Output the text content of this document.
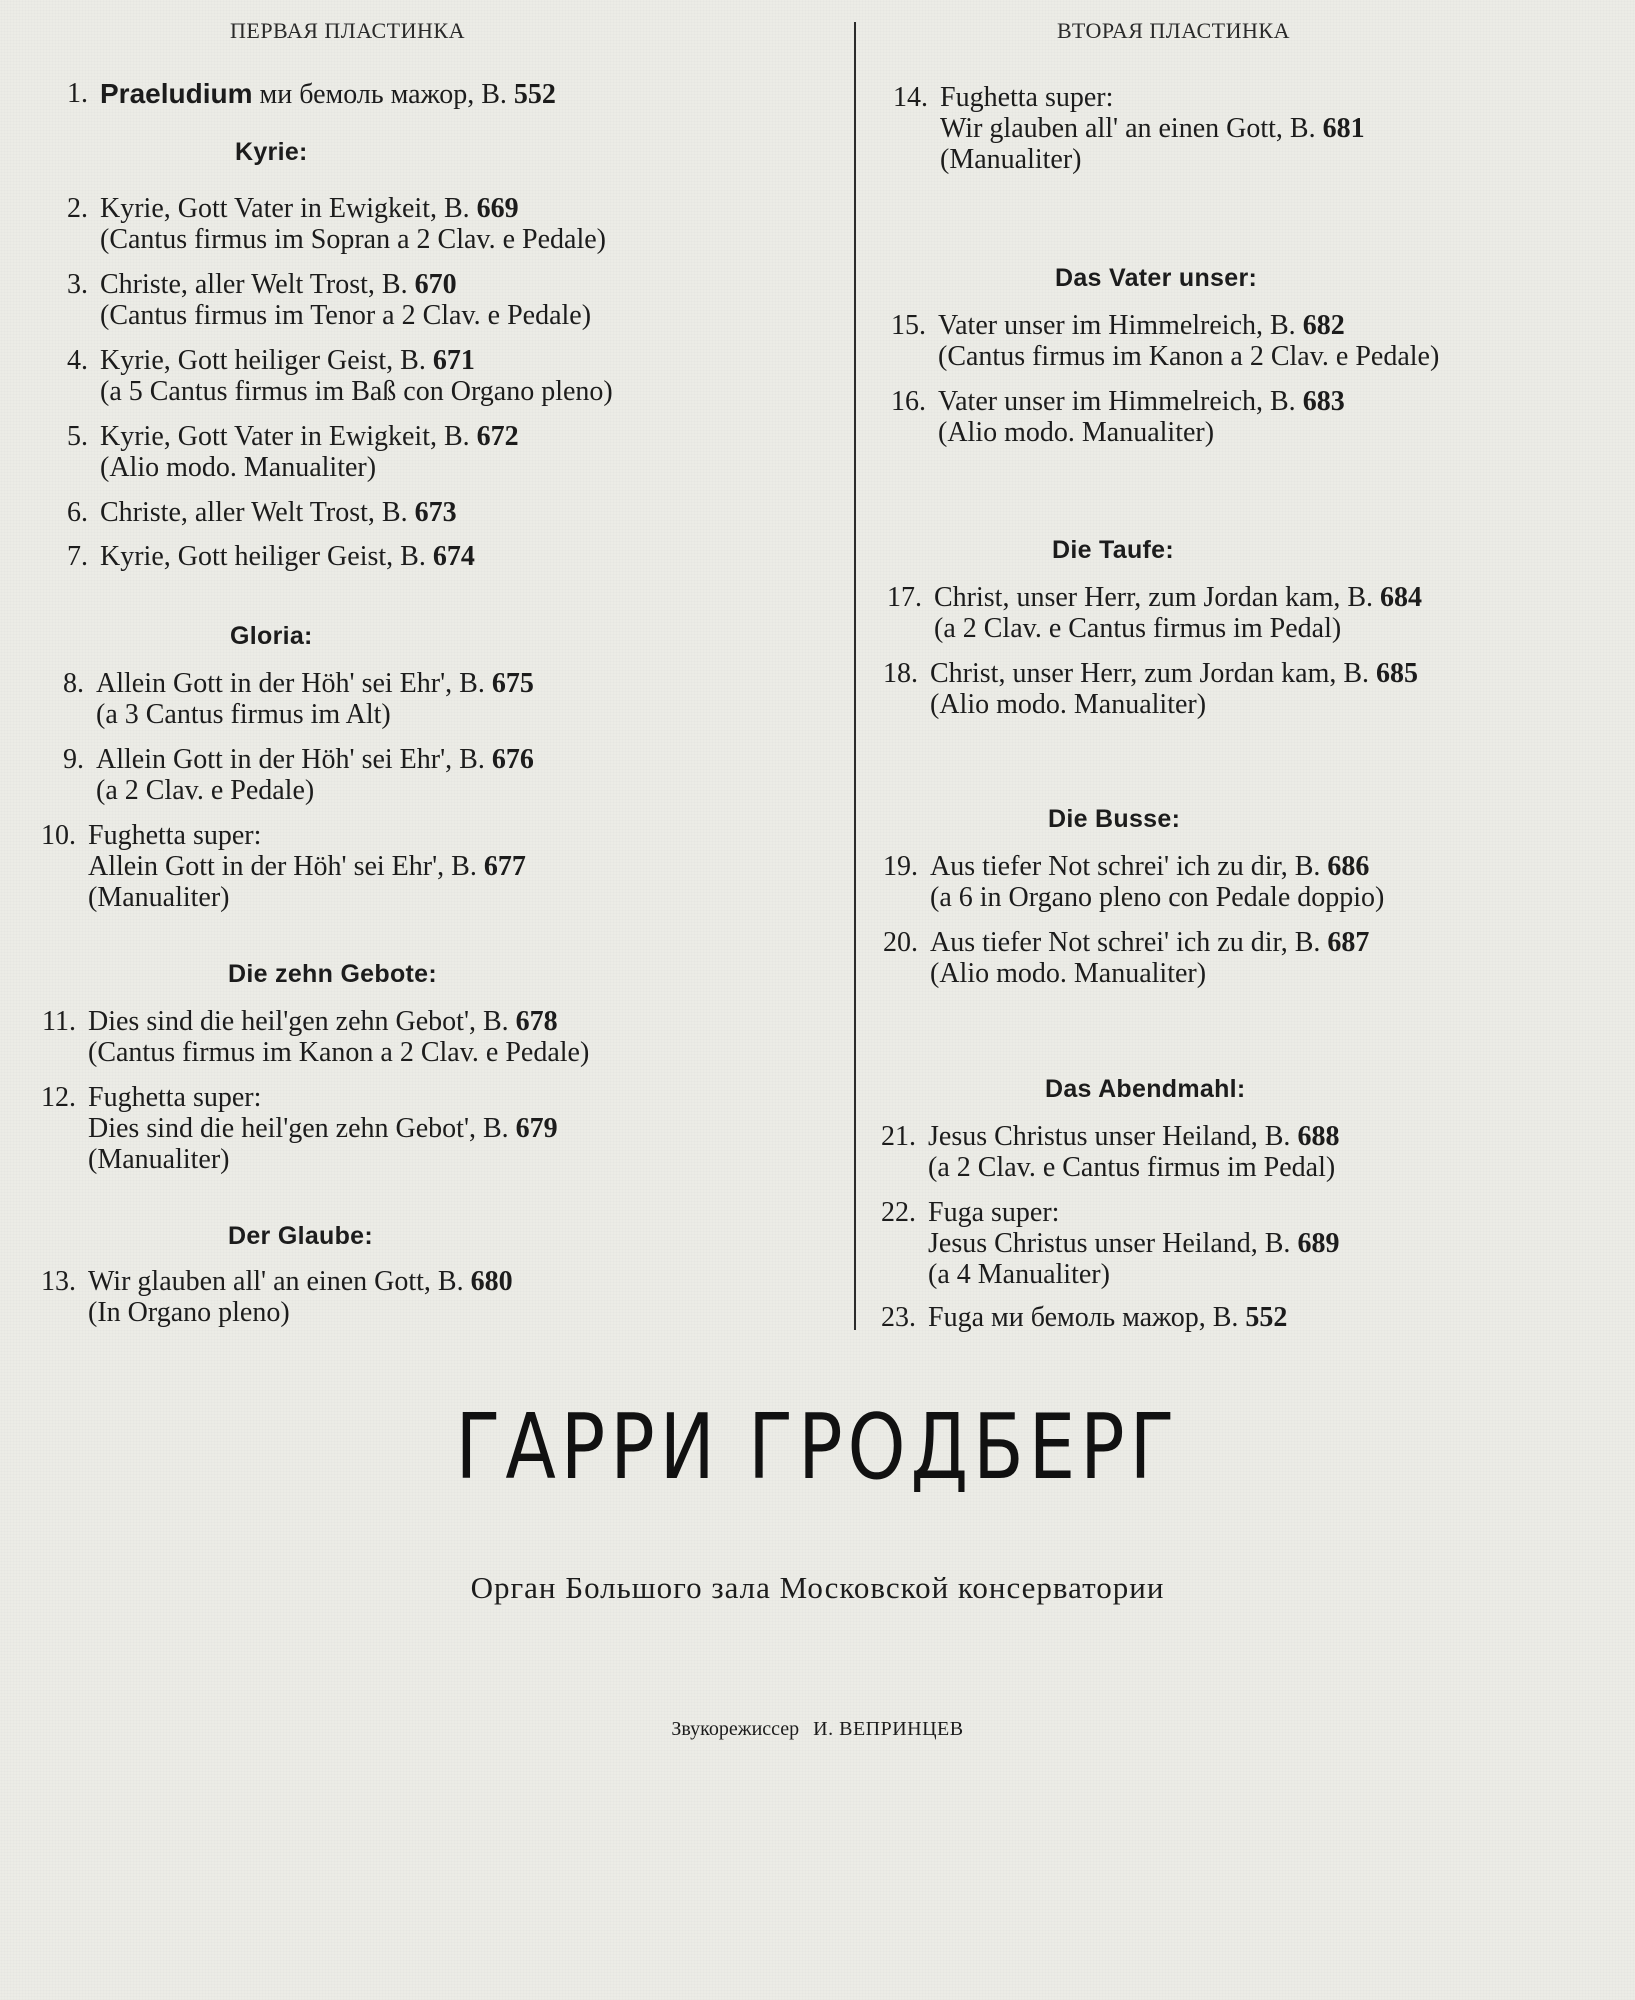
ПЕРВАЯ ПЛАСТИНКА
1. Praeludium ми бемоль мажор, В. 552
Kyrie:
2. Kyrie, Gott Vater in Ewigkeit, B. 669
(Cantus firmus im Sopran a 2 Clav. e Pedale)
3. Christe, aller Welt Trost, B. 670
(Cantus firmus im Tenor a 2 Clav. e Pedale)
4. Kyrie, Gott heiliger Geist, B. 671
(a 5 Cantus firmus im Baß con Organo pleno)
5. Kyrie, Gott Vater in Ewigkeit, B. 672
(Alio modo. Manualiter)
6. Christe, aller Welt Trost, B. 673
7. Kyrie, Gott heiliger Geist, B. 674
Gloria:
8. Allein Gott in der Höh' sei Ehr', B. 675
(a 3 Cantus firmus im Alt)
9. Allein Gott in der Höh' sei Ehr', B. 676
(a 2 Clav. e Pedale)
10. Fughetta super:
Allein Gott in der Höh' sei Ehr', B. 677
(Manualiter)
Die zehn Gebote:
11. Dies sind die heil'gen zehn Gebot', B. 678
(Cantus firmus im Kanon a 2 Clav. e Pedale)
12. Fughetta super:
Dies sind die heil'gen zehn Gebot', B. 679
(Manualiter)
Der Glaube:
13. Wir glauben all' an einen Gott, B. 680
(In Organo pleno)
ВТОРАЯ ПЛАСТИНКА
14. Fughetta super:
Wir glauben all' an einen Gott, B. 681
(Manualiter)
Das Vater unser:
15. Vater unser im Himmelreich, B. 682
(Cantus firmus im Kanon a 2 Clav. e Pedale)
16. Vater unser im Himmelreich, B. 683
(Alio modo. Manualiter)
Die Taufe:
17. Christ, unser Herr, zum Jordan kam, B. 684
(a 2 Clav. e Cantus firmus im Pedal)
18. Christ, unser Herr, zum Jordan kam, B. 685
(Alio modo. Manualiter)
Die Busse:
19. Aus tiefer Not schrei' ich zu dir, B. 686
(a 6 in Organo pleno con Pedale doppio)
20. Aus tiefer Not schrei' ich zu dir, B. 687
(Alio modo. Manualiter)
Das Abendmahl:
21. Jesus Christus unser Heiland, B. 688
(a 2 Clav. e Cantus firmus im Pedal)
22. Fuga super:
Jesus Christus unser Heiland, B. 689
(a 4 Manualiter)
23. Fuga ми бемоль мажор, В. 552
ГАРРИ ГРОДБЕРГ
Орган Большого зала Московской консерватории
Звукорежиссер И. ВЕПРИНЦЕВ
